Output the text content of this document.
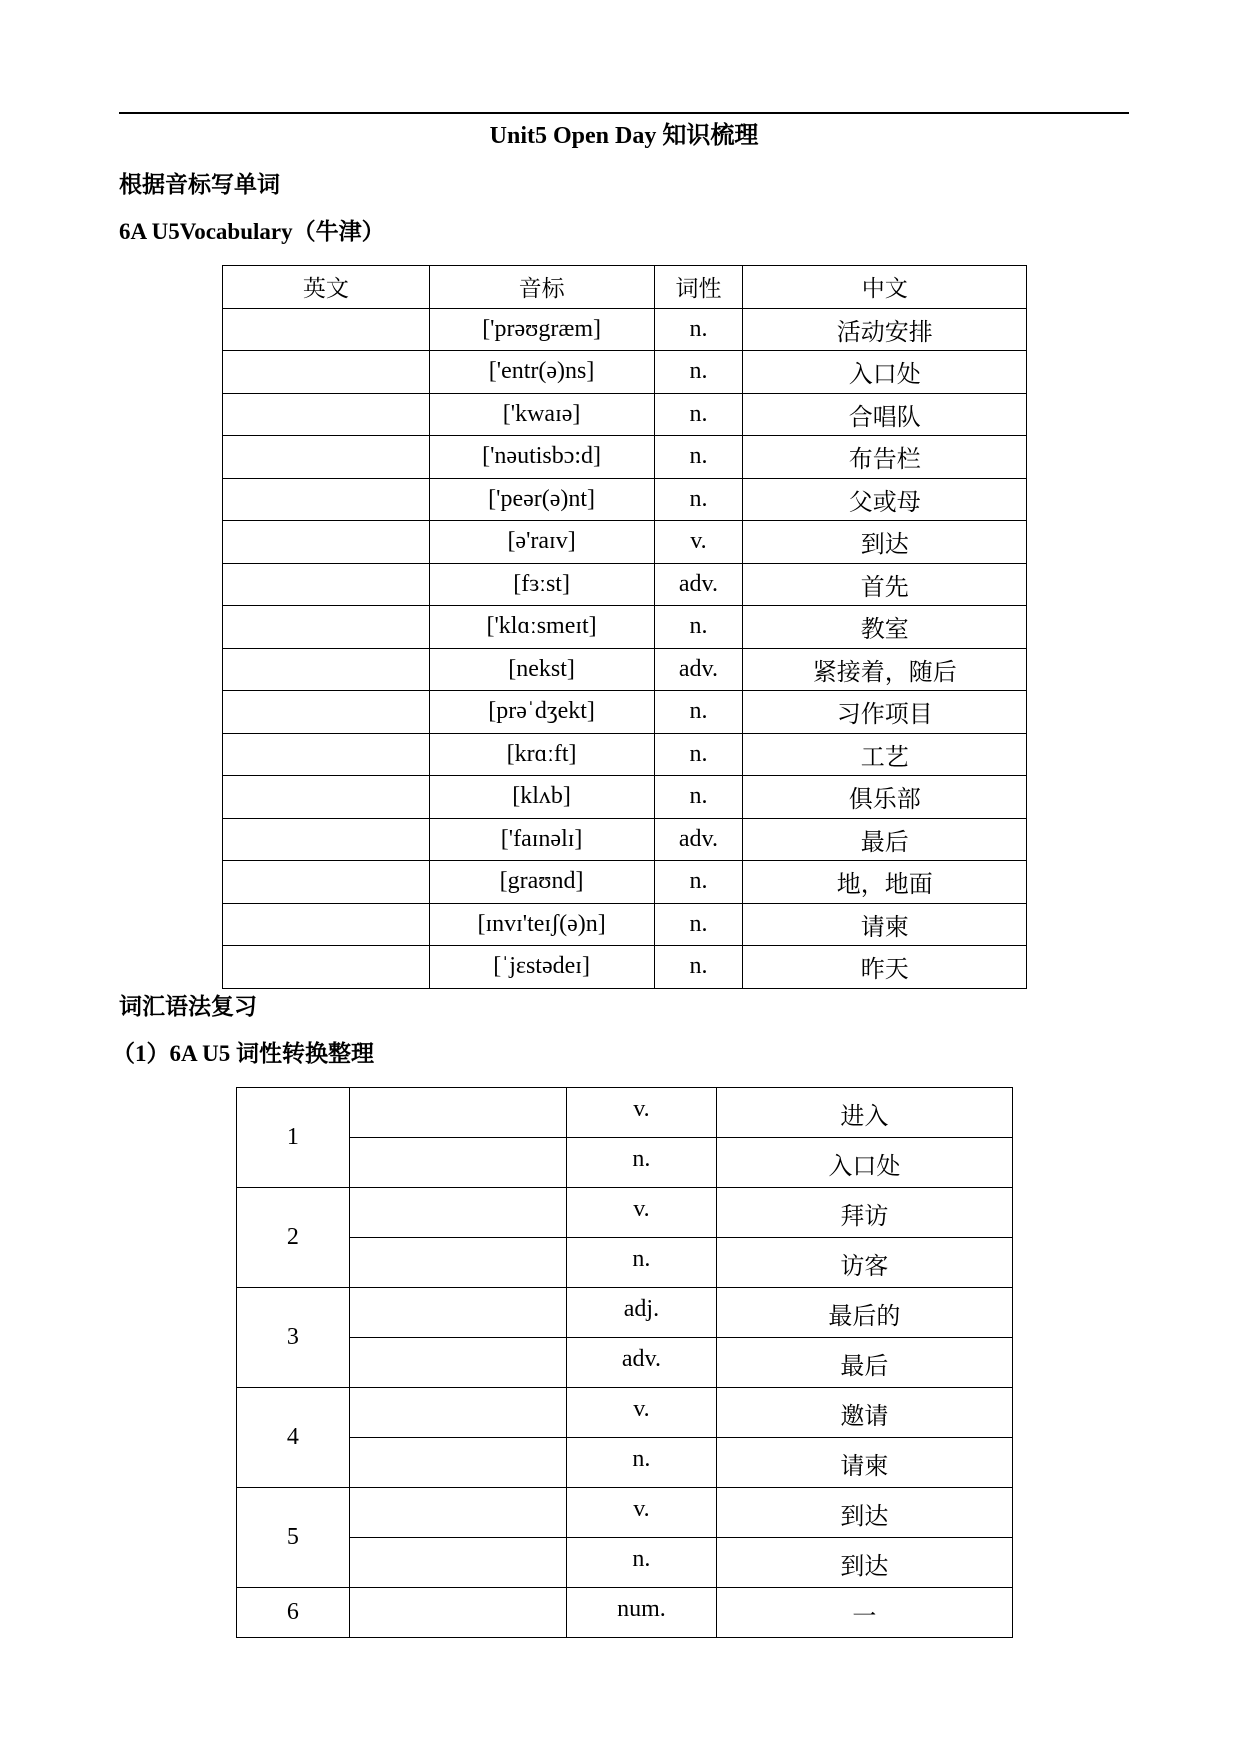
Unit5 Open Day 知识梳理
根据音标写单词
6A U5Vocabulary（牛津）
英文	音标	词性	中文
	['prəʊgræm]	n.	活动安排
	['entr(ə)ns]	n.	入口处
	['kwaɪə]	n.	合唱队
	['nəutisbɔ:d]	n.	布告栏
	['peər(ə)nt]	n.	父或母
	[ə'raɪv]	v.	到达
	[fɜːst]	adv.	首先
	['klɑːsmeɪt]	n.	教室
	[nekst]	adv.	紧接着，随后
	[prəˈdʒekt]	n.	习作项目
	[krɑːft]	n.	工艺
	[klʌb]	n.	俱乐部
	['faɪnəlɪ]	adv.	最后
	[graʊnd]	n.	地，地面
	[ɪnvɪ'teɪʃ(ə)n]	n.	请柬
	[ˈjɛstədeɪ]	n.	昨天
词汇语法复习
（1）6A U5 词性转换整理
1		v.	进入
		n.	入口处
2		v.	拜访
		n.	访客
3		adj.	最后的
		adv.	最后
4		v.	邀请
		n.	请柬
5		v.	到达
		n.	到达
6		num.	一
